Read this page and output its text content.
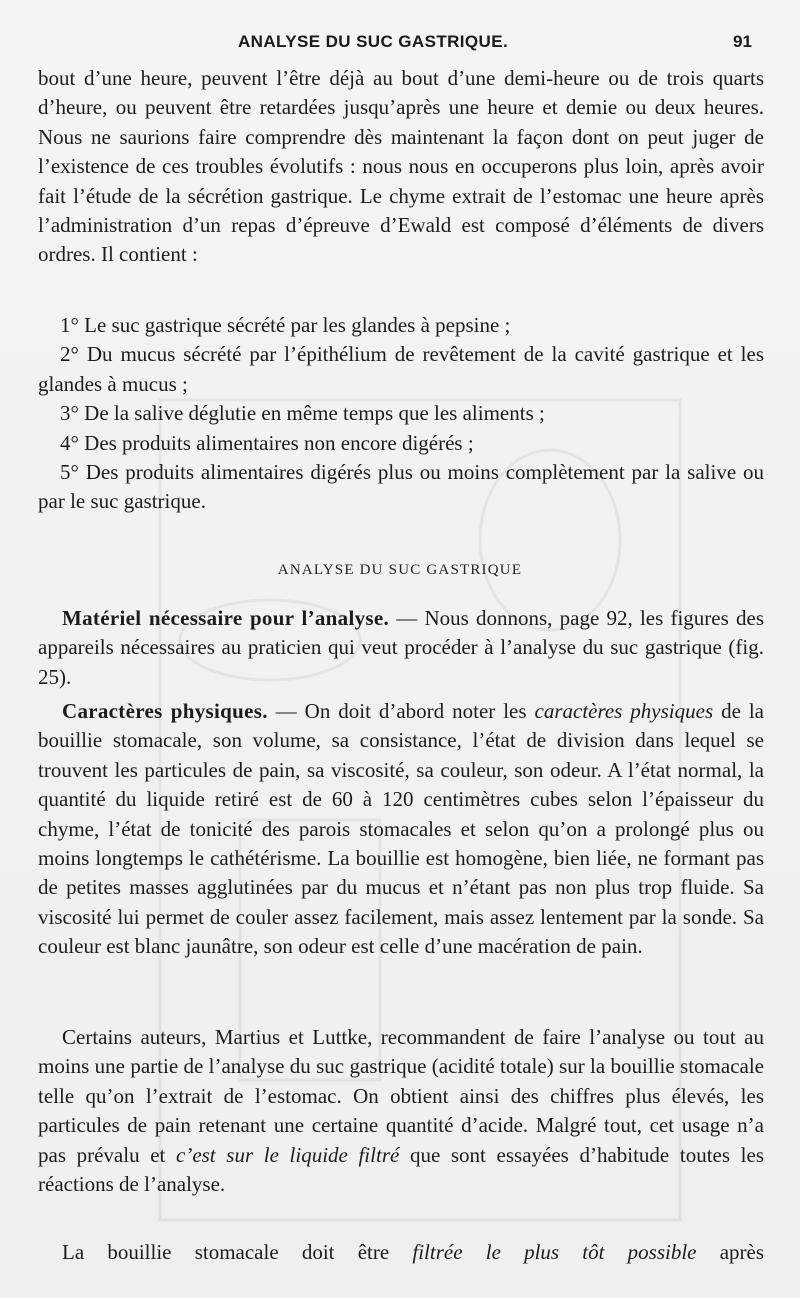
ANALYSE DU SUC GASTRIQUE.	91
bout d’une heure, peuvent l’être déjà au bout d’une demi-heure ou de trois quarts d’heure, ou peuvent être retardées jusqu’après une heure et demie ou deux heures. Nous ne saurions faire comprendre dès maintenant la façon dont on peut juger de l’existence de ces troubles évolutifs : nous nous en occuperons plus loin, après avoir fait l’étude de la sécrétion gastrique. Le chyme extrait de l’estomac une heure après l’administration d’un repas d’épreuve d’Ewald est composé d’éléments de divers ordres. Il contient :
1° Le suc gastrique sécrété par les glandes à pepsine ;
2° Du mucus sécrété par l’épithélium de revêtement de la cavité gastrique et les glandes à mucus ;
3° De la salive déglutie en même temps que les aliments ;
4° Des produits alimentaires non encore digérés ;
5° Des produits alimentaires digérés plus ou moins complètement par la salive ou par le suc gastrique.
ANALYSE DU SUC GASTRIQUE

Matériel nécessaire pour l’analyse. — Nous donnons, page 92, les figures des appareils nécessaires au praticien qui veut procéder à l’analyse du suc gastrique (fig. 25).

Caractères physiques. — On doit d’abord noter les caractères physiques de la bouillie stomacale, son volume, sa consistance, l’état de division dans lequel se trouvent les particules de pain, sa viscosité, sa couleur, son odeur. A l’état normal, la quantité du liquide retiré est de 60 à 120 centimètres cubes selon l’épaisseur du chyme, l’état de tonicité des parois stomacales et selon qu’on a prolongé plus ou moins longtemps le cathétérisme. La bouillie est homogène, bien liée, ne formant pas de petites masses agglutinées par du mucus et n’étant pas non plus trop fluide. Sa viscosité lui permet de couler assez facilement, mais assez lentement par la sonde. Sa couleur est blanc jaunâtre, son odeur est celle d’une macération de pain.

Certains auteurs, Martius et Luttke, recommandent de faire l’analyse ou tout au moins une partie de l’analyse du suc gastrique (acidité totale) sur la bouillie stomacale telle qu’on l’extrait de l’estomac. On obtient ainsi des chiffres plus élevés, les particules de pain retenant une certaine quantité d’acide. Malgré tout, cet usage n’a pas prévalu et c’est sur le liquide filtré que sont essayées d’habitude toutes les réactions de l’analyse.

La bouillie stomacale doit être filtrée le plus tôt possible après
